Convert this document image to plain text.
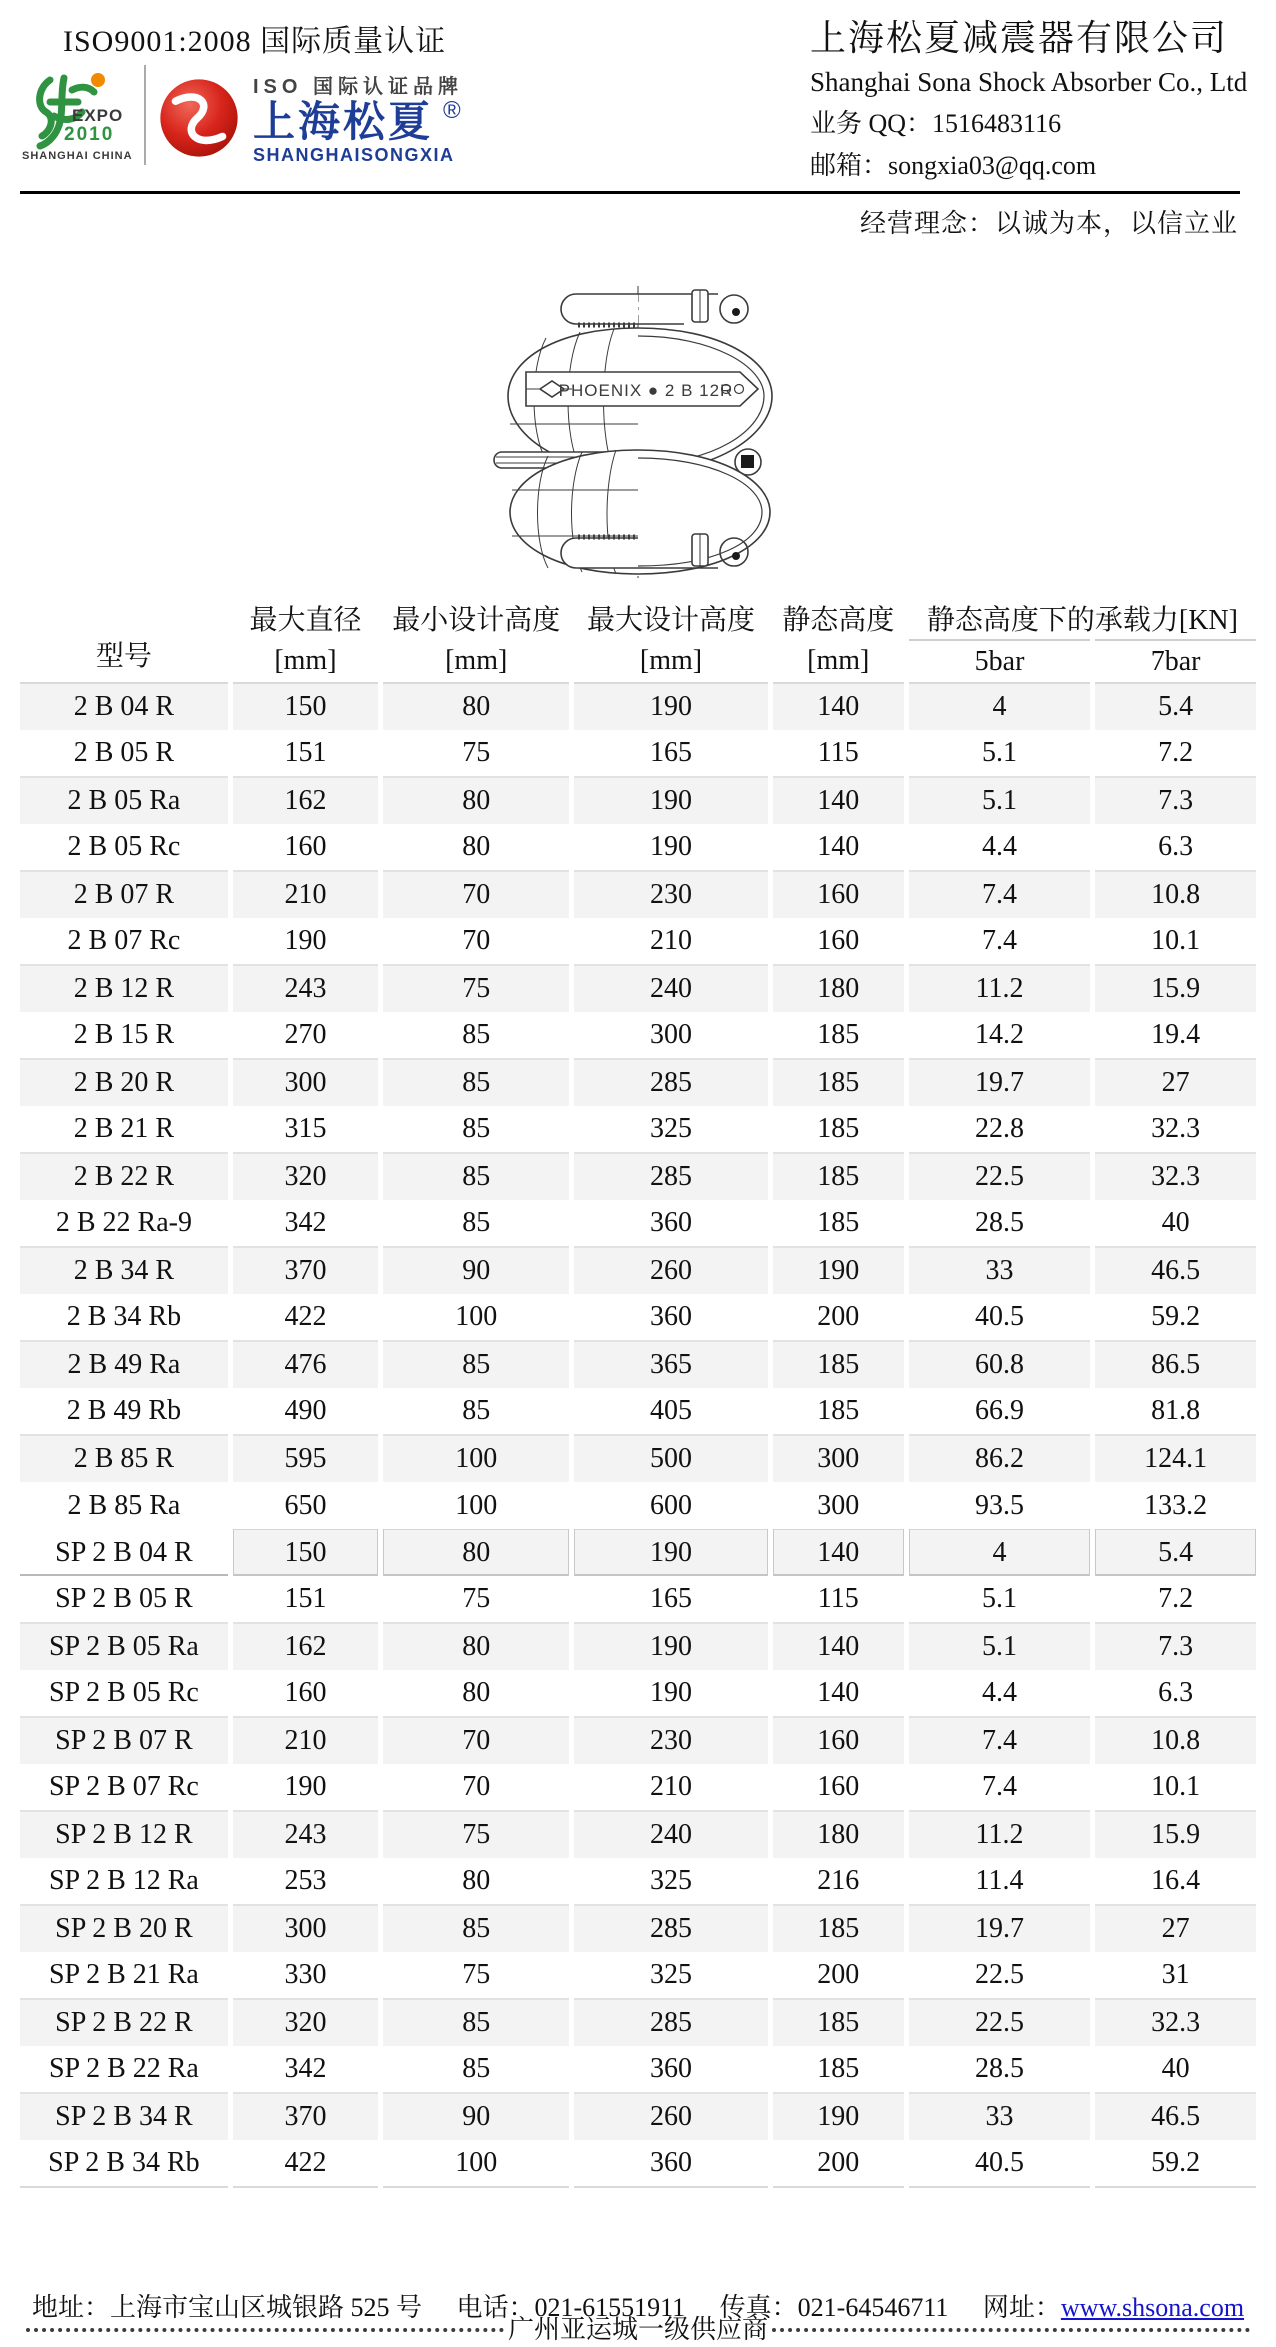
ISO9001:2008 国际质量认证
EXPO
2010
SHANGHAI CHINA
ISO 国际认证品牌
上海松夏 ®
SHANGHAISONGXIA
上海松夏减震器有限公司
Shanghai Sona Shock Absorber Co., Ltd
业务 QQ：1516483116
邮箱：songxia03@qq.com
经营理念：以诚为本，以信立业
PHOENIX ● 2 B 12R
型号	最大直径	最小设计高度	最大设计高度	静态高度	静态高度下的承载力[KN]	
	[mm]	[mm]	[mm]	[mm]	5bar	7bar
2 B 04 R	150	80	190	140	4	5.4
2 B 05 R	151	75	165	115	5.1	7.2
2 B 05 Ra	162	80	190	140	5.1	7.3
2 B 05 Rc	160	80	190	140	4.4	6.3
2 B 07 R	210	70	230	160	7.4	10.8
2 B 07 Rc	190	70	210	160	7.4	10.1
2 B 12 R	243	75	240	180	11.2	15.9
2 B 15 R	270	85	300	185	14.2	19.4
2 B 20 R	300	85	285	185	19.7	27
2 B 21 R	315	85	325	185	22.8	32.3
2 B 22 R	320	85	285	185	22.5	32.3
2 B 22 Ra-9	342	85	360	185	28.5	40
2 B 34 R	370	90	260	190	33	46.5
2 B 34 Rb	422	100	360	200	40.5	59.2
2 B 49 Ra	476	85	365	185	60.8	86.5
2 B 49 Rb	490	85	405	185	66.9	81.8
2 B 85 R	595	100	500	300	86.2	124.1
2 B 85 Ra	650	100	600	300	93.5	133.2
SP 2 B 04 R	150	80	190	140	4	5.4
SP 2 B 05 R	151	75	165	115	5.1	7.2
SP 2 B 05 Ra	162	80	190	140	5.1	7.3
SP 2 B 05 Rc	160	80	190	140	4.4	6.3
SP 2 B 07 R	210	70	230	160	7.4	10.8
SP 2 B 07 Rc	190	70	210	160	7.4	10.1
SP 2 B 12 R	243	75	240	180	11.2	15.9
SP 2 B 12 Ra	253	80	325	216	11.4	16.4
SP 2 B 20 R	300	85	285	185	19.7	27
SP 2 B 21 Ra	330	75	325	200	22.5	31
SP 2 B 22 R	320	85	285	185	22.5	32.3
SP 2 B 22 Ra	342	85	360	185	28.5	40
SP 2 B 34 R	370	90	260	190	33	46.5
SP 2 B 34 Rb	422	100	360	200	40.5	59.2
地址：上海市宝山区城银路 525 号 电话：021-61551911 传真：021-64546711 网址：www.shsona.com
广州亚运城一级供应商
